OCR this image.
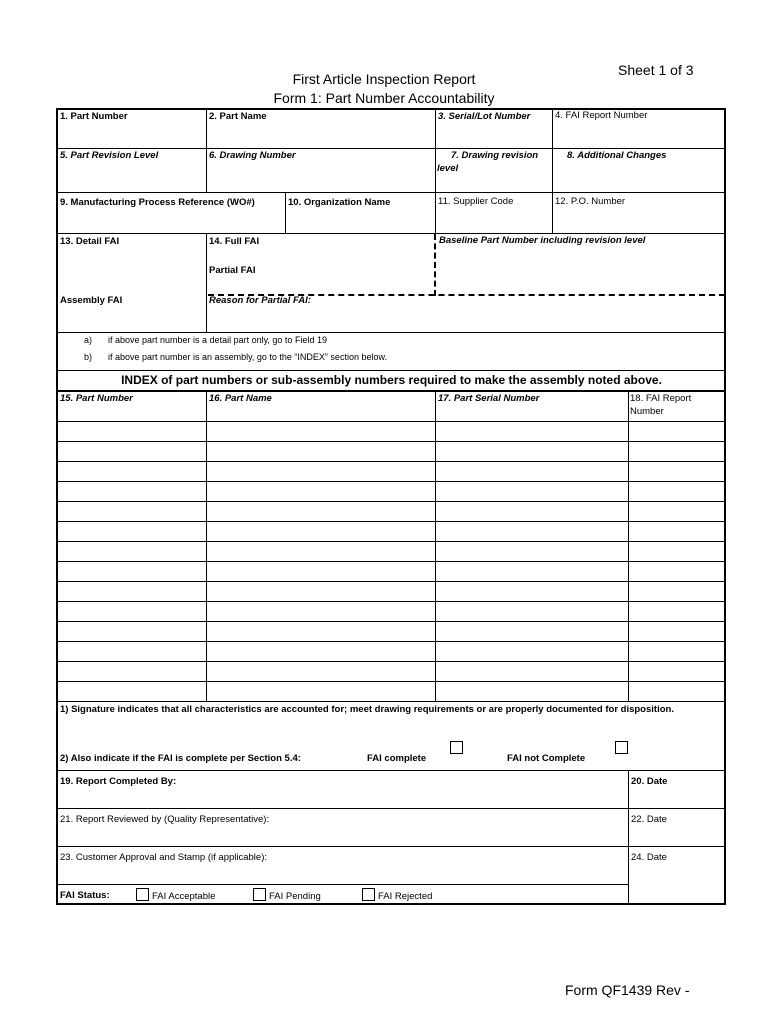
Sheet 1 of 3
First Article Inspection Report
Form 1: Part Number Accountability
1. Part Number	2. Part Name	3. Serial/Lot Number	4. FAI Report Number
5. Part Revision Level	6. Drawing Number	7. Drawing revision level
8. Additional Changes
9. Manufacturing Process Reference (WO#)	10. Organization Name	11. Supplier Code	12. P.O. Number
13. Detail FAI	14. Full FAI
Partial FAI
Baseline Part Number including revision level
Assembly FAI	Reason for Partial FAI:
a) if above part number is a detail part only, go to Field 19
b) if above part number is an assembly, go to the “INDEX” section below.
INDEX of part numbers or sub-assembly numbers required to make the assembly noted above.
15. Part Number	16. Part Name	17. Part Serial Number	18. FAI Report Number
1) Signature indicates that all characteristics are accounted for; meet drawing requirements or are properly documented for disposition.
2) Also indicate if the FAI is complete per Section 5.4:	FAI complete	FAI not Complete
19. Report Completed By:	20. Date
21. Report Reviewed by (Quality Representative):	22. Date
23. Customer Approval and Stamp (if applicable):	24. Date
FAI Status:	FAI Acceptable	FAI Pending	FAI Rejected
Form QF1439 Rev -
